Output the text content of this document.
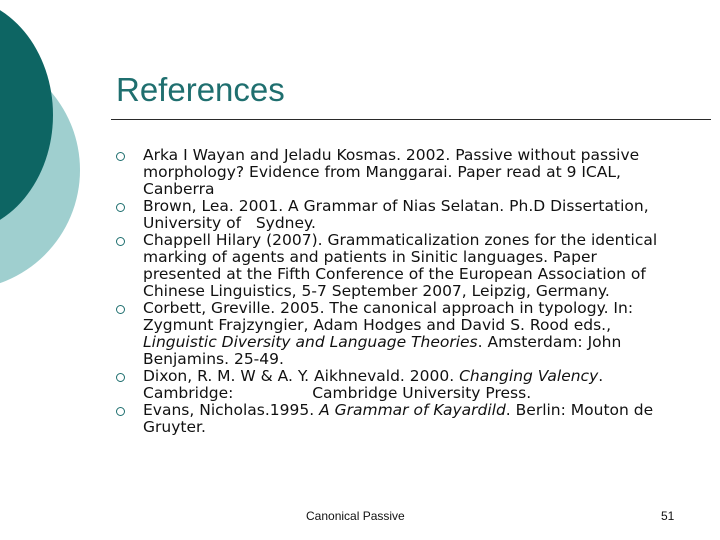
References
Arka I Wayan and Jeladu Kosmas. 2002. Passive without passive morphology? Evidence from Manggarai. Paper read at 9 ICAL, Canberra
Brown, Lea. 2001. A Grammar of Nias Selatan. Ph.D Dissertation, University of   Sydney.
Chappell Hilary (2007). Grammaticalization zones for the identical marking of agents and patients in Sinitic languages. Paper presented at the Fifth Conference of the European Association of Chinese Linguistics, 5-7 September 2007, Leipzig, Germany.
Corbett, Greville. 2005. The canonical approach in typology. In: Zygmunt Frajzyngier, Adam Hodges and David S. Rood eds., Linguistic Diversity and Language Theories. Amsterdam: John Benjamins. 25-49.
Dixon, R. M. W & A. Y. Aikhnevald. 2000. Changing Valency. Cambridge:                Cambridge University Press.
Evans, Nicholas.1995. A Grammar of Kayardild. Berlin: Mouton de Gruyter.
Canonical Passive	51
